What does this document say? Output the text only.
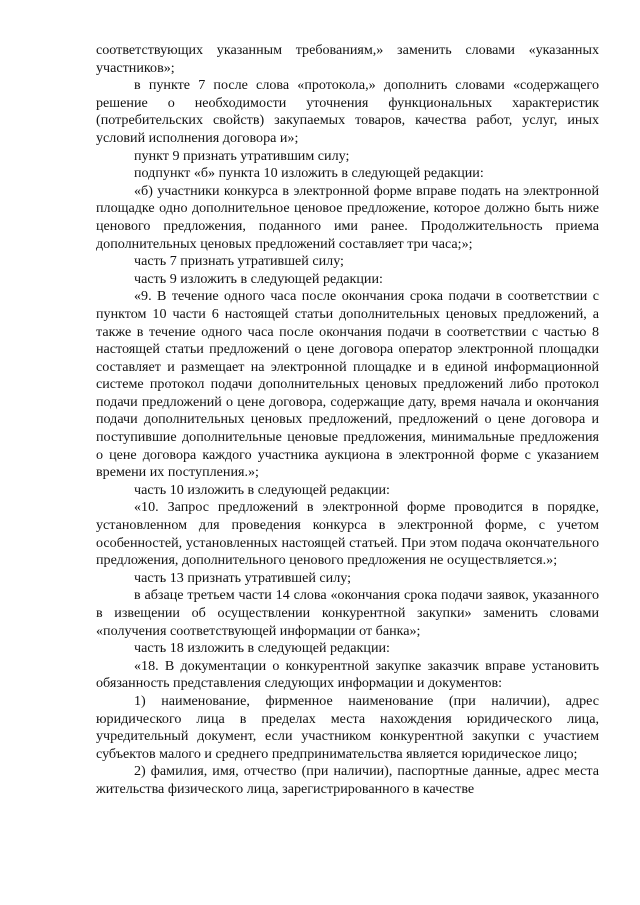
соответствующих указанным требованиям,» заменить словами «указанных участников»;

в пункте 7 после слова «протокола,» дополнить словами «содержащего решение о необходимости уточнения функциональных характеристик (потребительских свойств) закупаемых товаров, качества работ, услуг, иных условий исполнения договора и»;

пункт 9 признать утратившим силу;

подпункт «б» пункта 10 изложить в следующей редакции:

«б) участники конкурса в электронной форме вправе подать на электронной площадке одно дополнительное ценовое предложение, которое должно быть ниже ценового предложения, поданного ими ранее. Продолжительность приема дополнительных ценовых предложений составляет три часа;»;

часть 7 признать утратившей силу;

часть 9 изложить в следующей редакции:

«9. В течение одного часа после окончания срока подачи в соответствии с пунктом 10 части 6 настоящей статьи дополнительных ценовых предложений, а также в течение одного часа после окончания подачи в соответствии с частью 8 настоящей статьи предложений о цене договора оператор электронной площадки составляет и размещает на электронной площадке и в единой информационной системе протокол подачи дополнительных ценовых предложений либо протокол подачи предложений о цене договора, содержащие дату, время начала и окончания подачи дополнительных ценовых предложений, предложений о цене договора и поступившие дополнительные ценовые предложения, минимальные предложения о цене договора каждого участника аукциона в электронной форме с указанием времени их поступления.»;

часть 10 изложить в следующей редакции:

«10. Запрос предложений в электронной форме проводится в порядке, установленном для проведения конкурса в электронной форме, с учетом особенностей, установленных настоящей статьей. При этом подача окончательного предложения, дополнительного ценового предложения не осуществляется.»;

часть 13 признать утратившей силу;

в абзаце третьем части 14 слова «окончания срока подачи заявок, указанного в извещении об осуществлении конкурентной закупки» заменить словами «получения соответствующей информации от банка»;

часть 18 изложить в следующей редакции:

«18. В документации о конкурентной закупке заказчик вправе установить обязанность представления следующих информации и документов:

1) наименование, фирменное наименование (при наличии), адрес юридического лица в пределах места нахождения юридического лица, учредительный документ, если участником конкурентной закупки с участием субъектов малого и среднего предпринимательства является юридическое лицо;

2) фамилия, имя, отчество (при наличии), паспортные данные, адрес места жительства физического лица, зарегистрированного в качестве
